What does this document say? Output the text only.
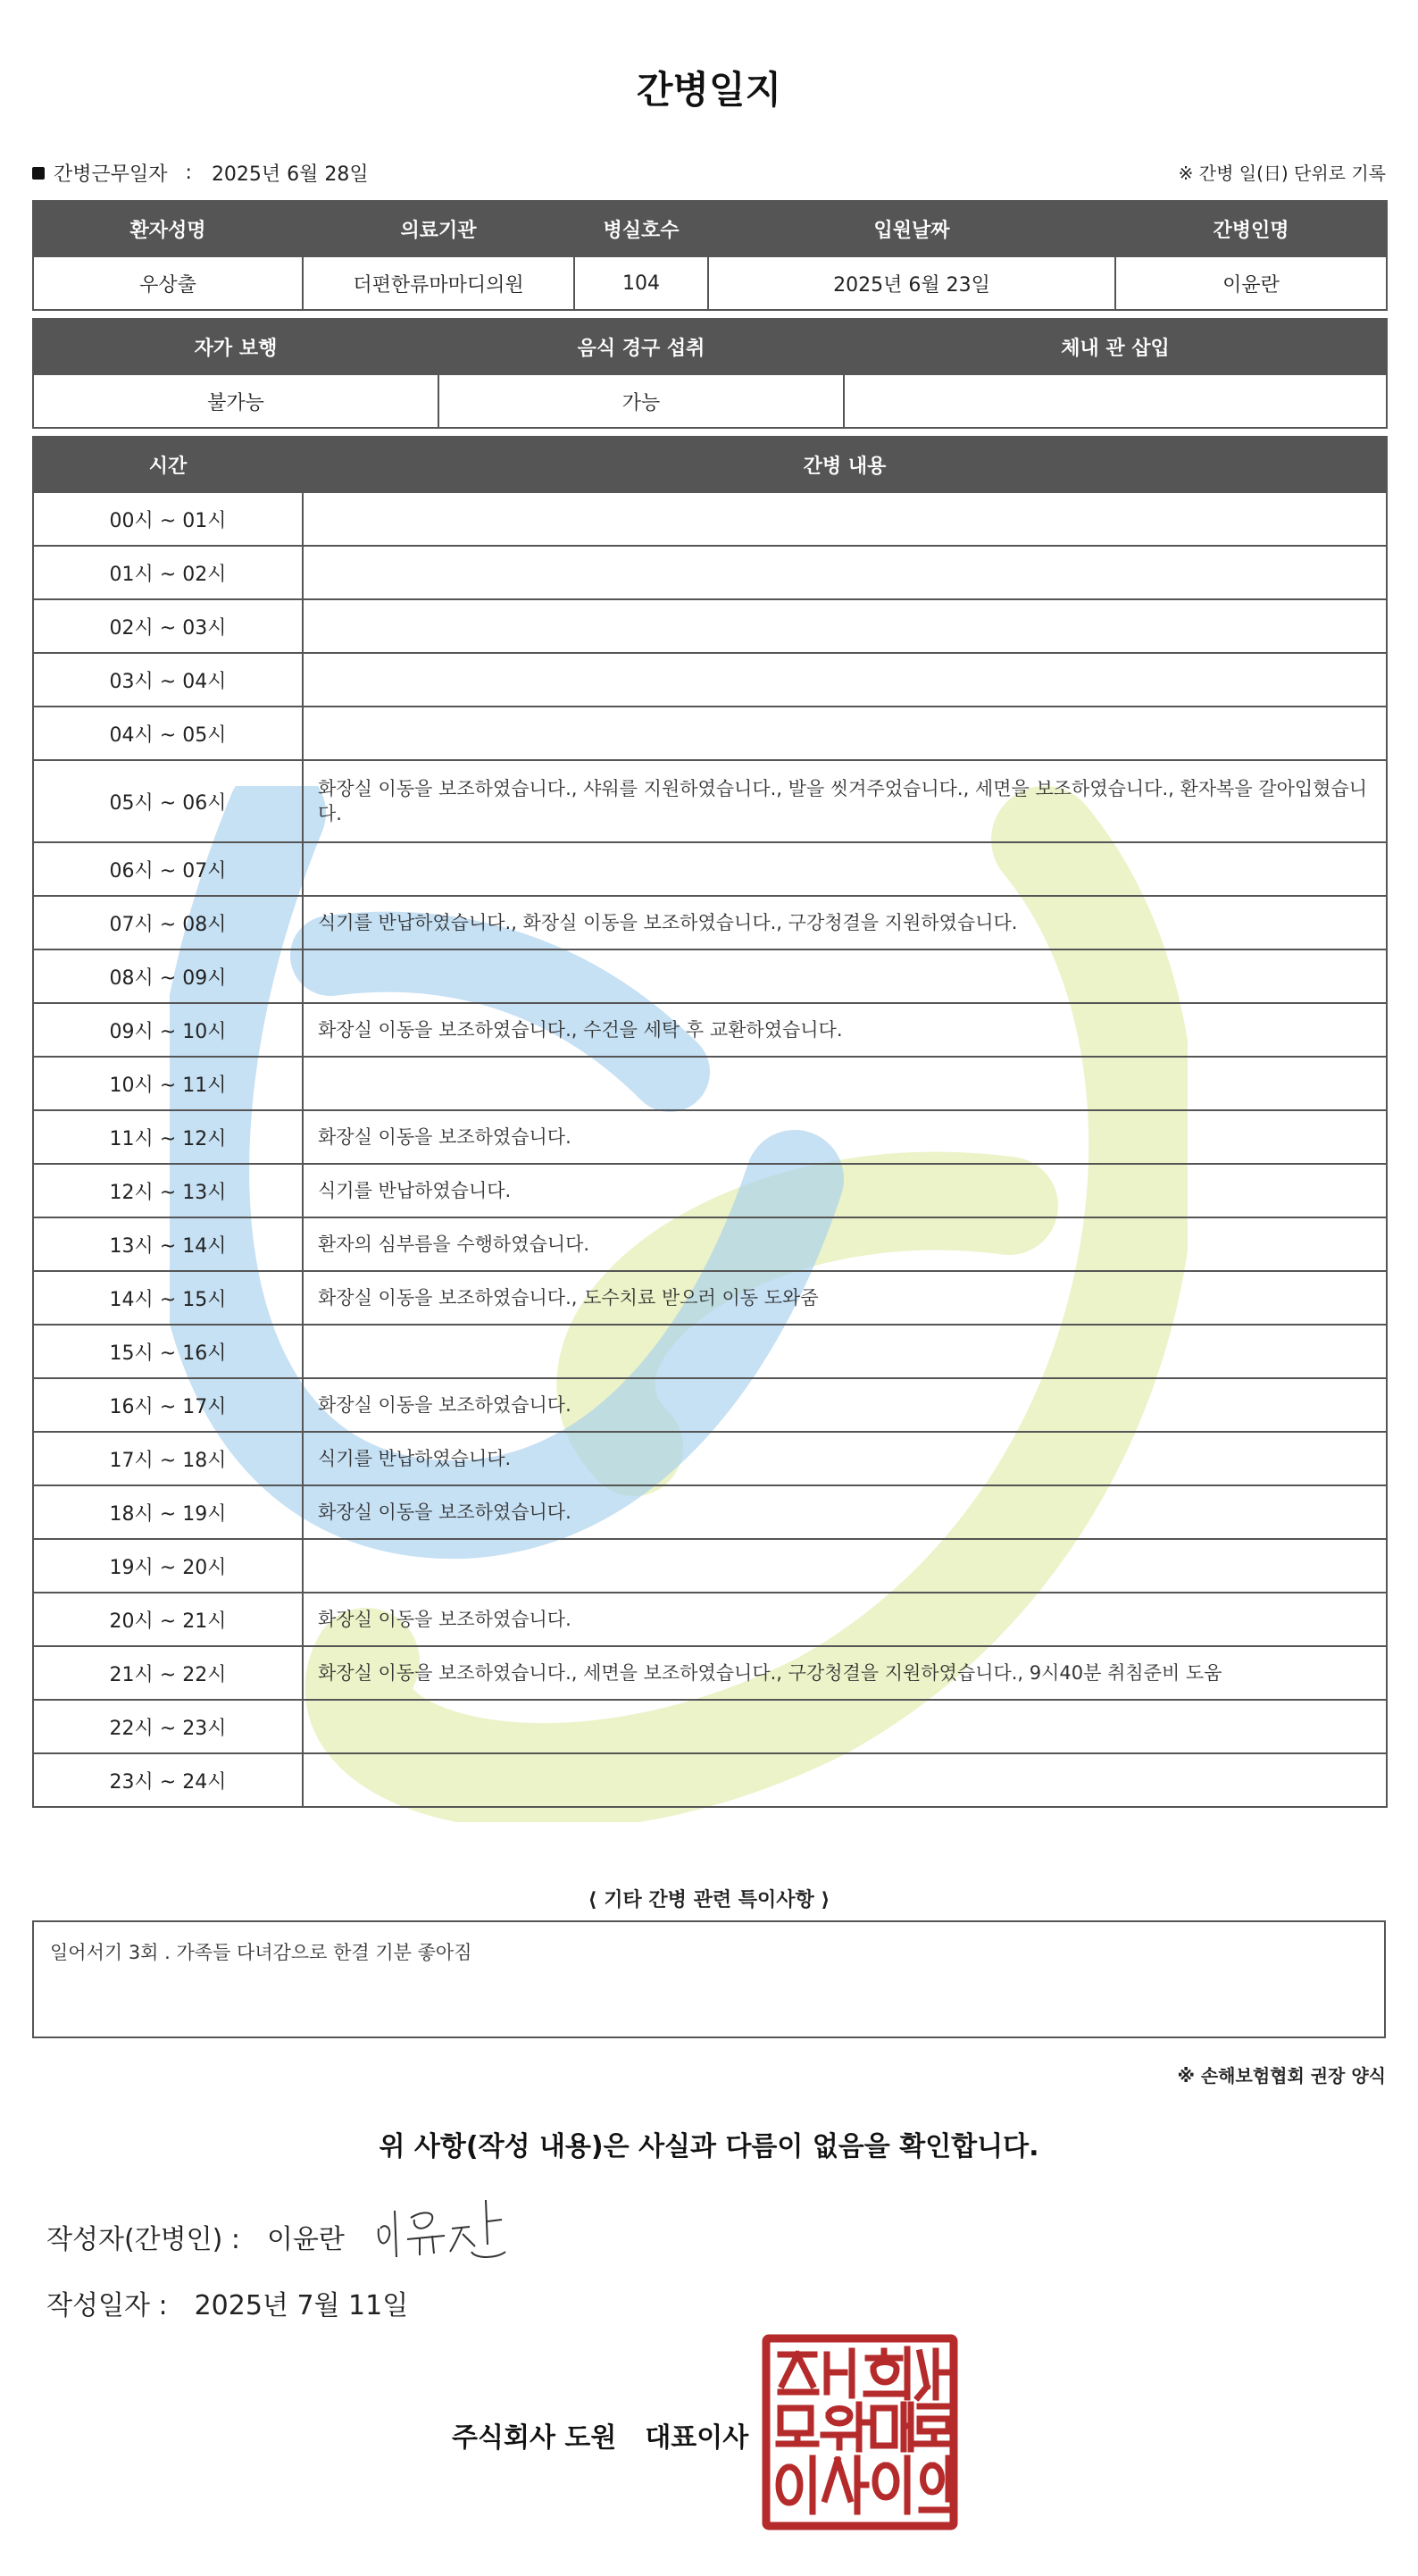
간병일지
간병근무일자 : 2025년 6월 28일	※ 간병 일(日) 단위로 기록
환자성명	의료기관	병실호수	입원날짜	간병인명
우상출	더편한류마마디의원	104	2025년 6월 23일	이윤란
자가 보행	음식 경구 섭취	체내 관 삽입
불가능	가능	
시간	간병 내용
00시 ~ 01시	
01시 ~ 02시	
02시 ~ 03시	
03시 ~ 04시	
04시 ~ 05시	
05시 ~ 06시	화장실 이동을 보조하였습니다., 샤워를 지원하였습니다., 발을 씻겨주었습니다., 세면을 보조하였습니다., 환자복을 갈아입혔습니다.
06시 ~ 07시	
07시 ~ 08시	식기를 반납하였습니다., 화장실 이동을 보조하였습니다., 구강청결을 지원하였습니다.
08시 ~ 09시	
09시 ~ 10시	화장실 이동을 보조하였습니다., 수건을 세탁 후 교환하였습니다.
10시 ~ 11시	
11시 ~ 12시	화장실 이동을 보조하였습니다.
12시 ~ 13시	식기를 반납하였습니다.
13시 ~ 14시	환자의 심부름을 수행하였습니다.
14시 ~ 15시	화장실 이동을 보조하였습니다., 도수치료 받으러 이동 도와줌
15시 ~ 16시	
16시 ~ 17시	화장실 이동을 보조하였습니다.
17시 ~ 18시	식기를 반납하였습니다.
18시 ~ 19시	화장실 이동을 보조하였습니다.
19시 ~ 20시	
20시 ~ 21시	화장실 이동을 보조하였습니다.
21시 ~ 22시	화장실 이동을 보조하였습니다., 세면을 보조하였습니다., 구강청결을 지원하였습니다., 9시40분 취침준비 도움
22시 ~ 23시	
23시 ~ 24시	
⟨ 기타 간병 관련 특이사항 ⟩
일어서기 3회 . 가족들 다녀감으로 한결 기분 좋아짐
※ 손해보험협회 권장 양식
위 사항(작성 내용)은 사실과 다름이 없음을 확인합니다.
작성자(간병인) : 이윤란
작성일자 : 2025년 7월 11일
주식회사 도원 대표이사
